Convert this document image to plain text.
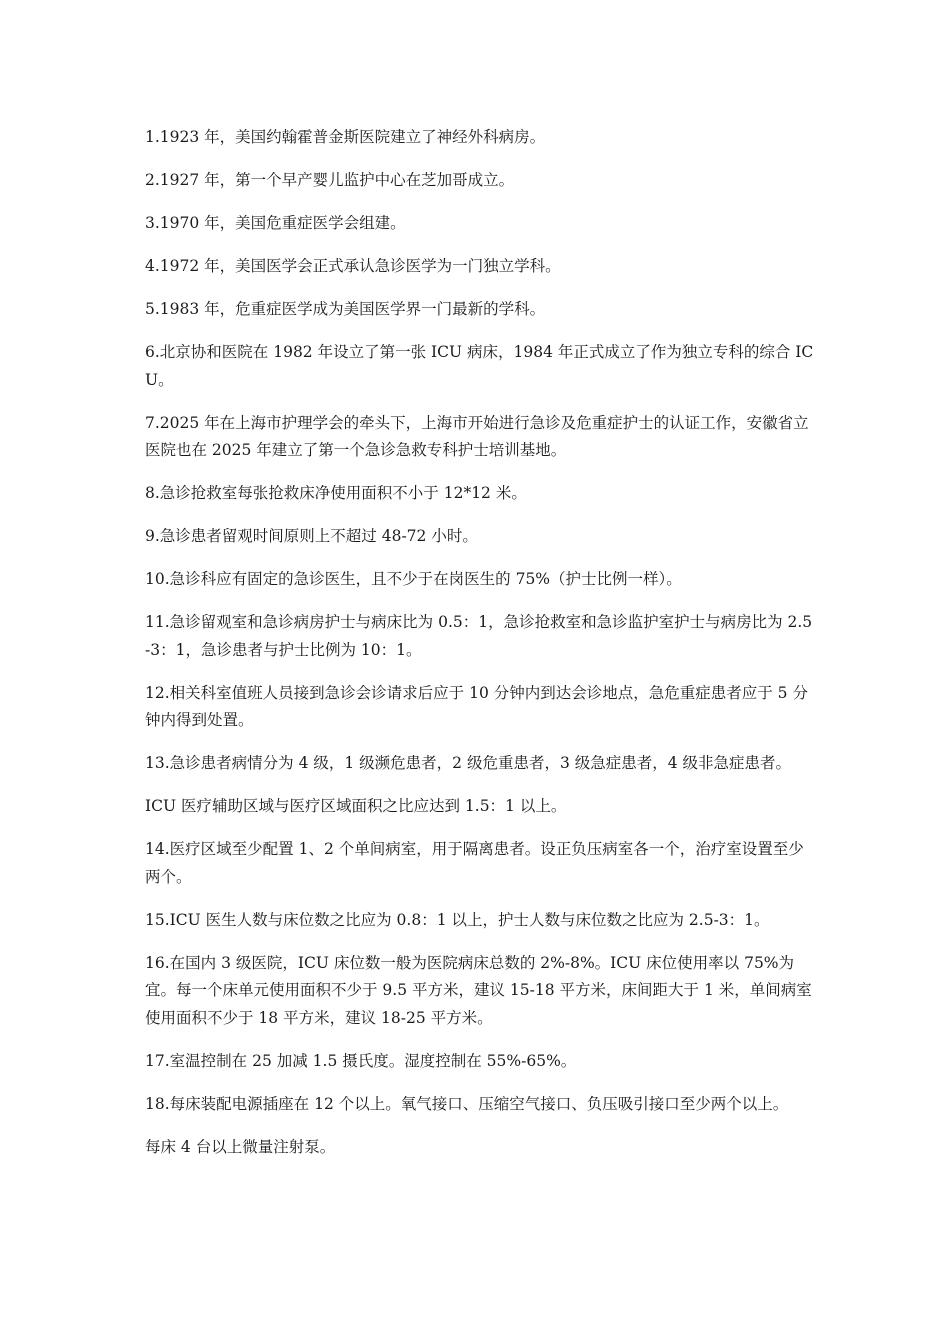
1.1923 年，美国约翰霍普金斯医院建立了神经外科病房。

2.1927 年，第一个早产婴儿监护中心在芝加哥成立。

3.1970 年，美国危重症医学会组建。

4.1972 年，美国医学会正式承认急诊医学为一门独立学科。

5.1983 年，危重症医学成为美国医学界一门最新的学科。

6.北京协和医院在 1982 年设立了第一张 ICU 病床，1984 年正式成立了作为独立专科的综合 ICU。

7.2025 年在上海市护理学会的牵头下，上海市开始进行急诊及危重症护士的认证工作，安徽省立医院也在 2025 年建立了第一个急诊急救专科护士培训基地。

8.急诊抢救室每张抢救床净使用面积不小于 12*12 米。

9.急诊患者留观时间原则上不超过 48-72 小时。

10.急诊科应有固定的急诊医生，且不少于在岗医生的 75%（护士比例一样）。

11.急诊留观室和急诊病房护士与病床比为 0.5：1，急诊抢救室和急诊监护室护士与病房比为 2.5-3：1，急诊患者与护士比例为 10：1。

12.相关科室值班人员接到急诊会诊请求后应于 10 分钟内到达会诊地点，急危重症患者应于 5 分钟内得到处置。

13.急诊患者病情分为 4 级，1 级濒危患者，2 级危重患者，3 级急症患者，4 级非急症患者。

ICU 医疗辅助区域与医疗区域面积之比应达到 1.5：1 以上。

14.医疗区域至少配置 1、2 个单间病室，用于隔离患者。设正负压病室各一个，治疗室设置至少两个。

15.ICU 医生人数与床位数之比应为 0.8：1 以上，护士人数与床位数之比应为 2.5-3：1。

16.在国内 3 级医院，ICU 床位数一般为医院病床总数的 2%-8%。ICU 床位使用率以 75%为宜。每一个床单元使用面积不少于 9.5 平方米，建议 15-18 平方米，床间距大于 1 米，单间病室使用面积不少于 18 平方米，建议 18-25 平方米。

17.室温控制在 25 加减 1.5 摄氏度。湿度控制在 55%-65%。

18.每床装配电源插座在 12 个以上。氧气接口、压缩空气接口、负压吸引接口至少两个以上。

每床 4 台以上微量注射泵。
